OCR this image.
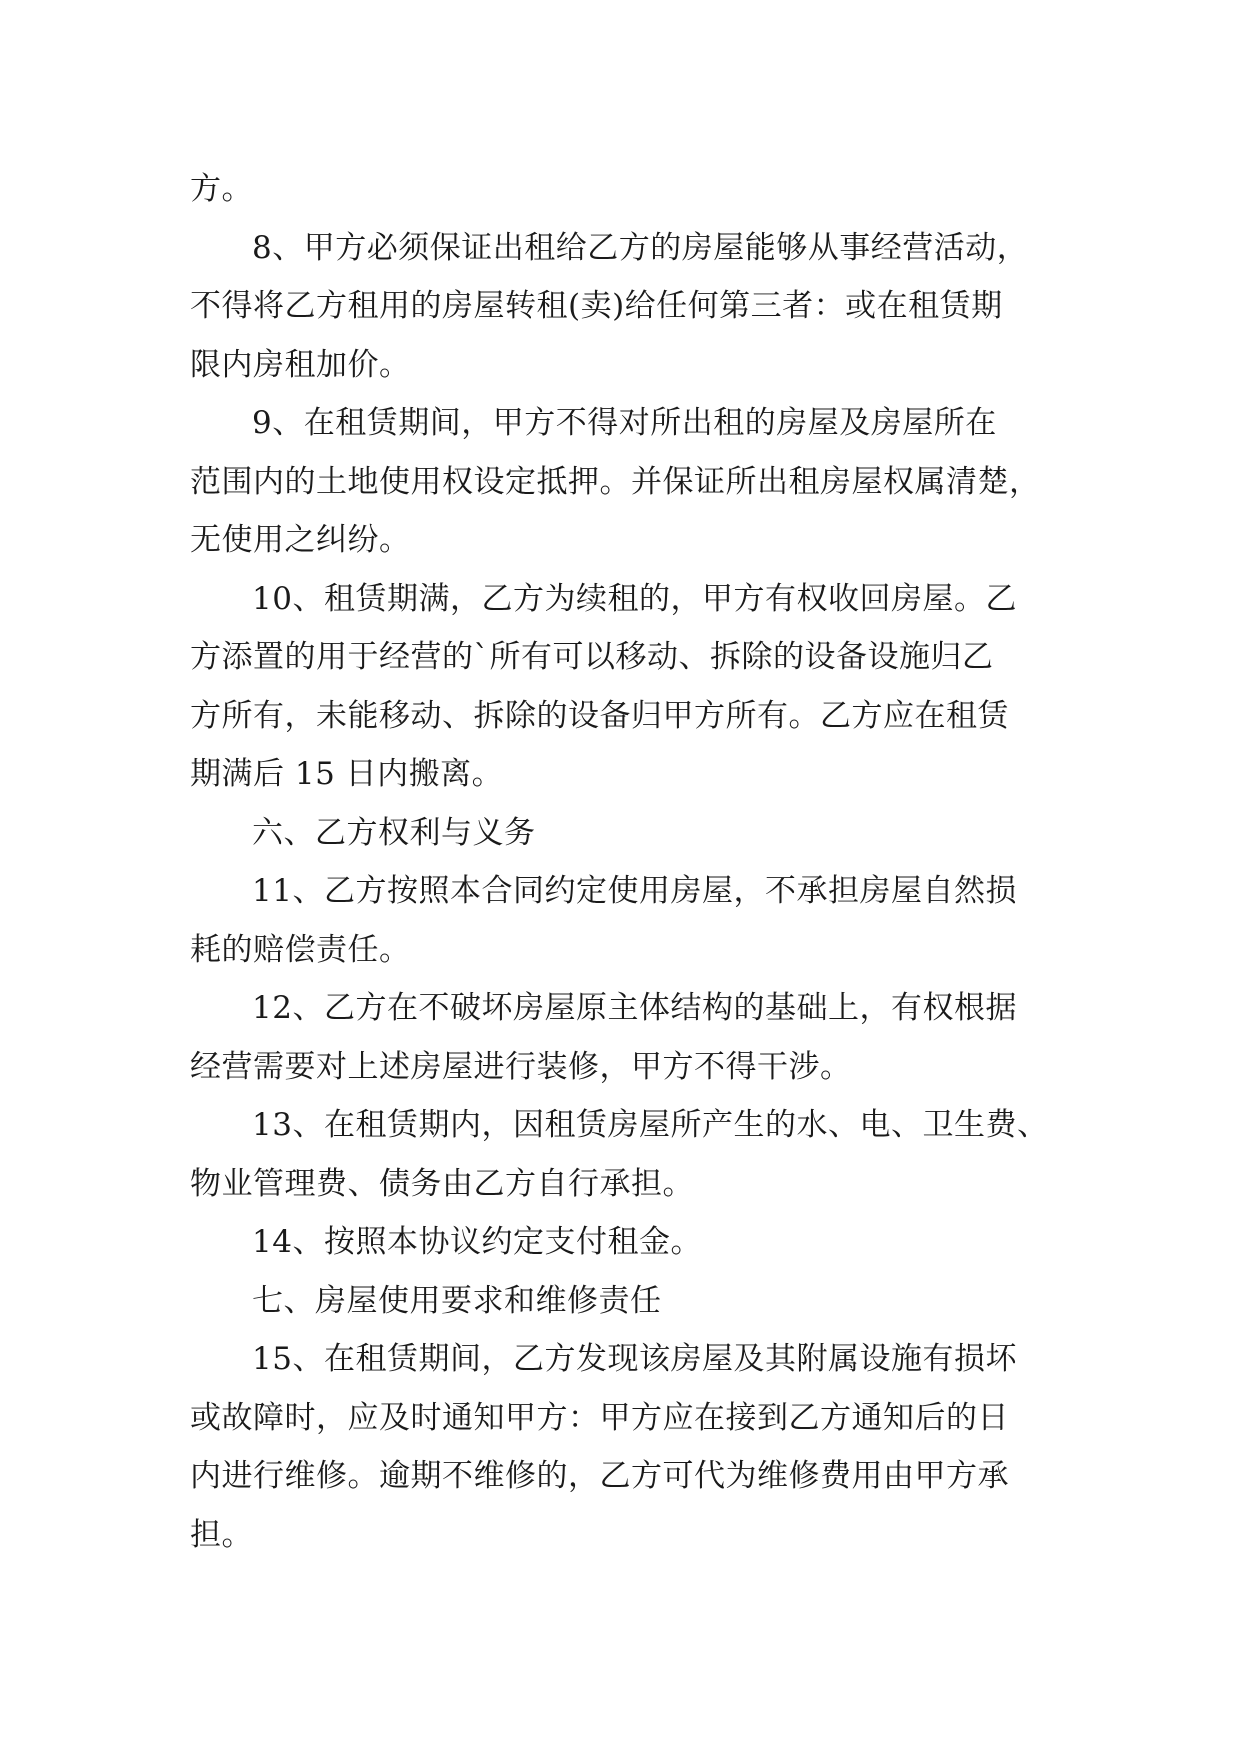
方。
8、甲方必须保证出租给乙方的房屋能够从事经营活动，
不得将乙方租用的房屋转租(卖)给任何第三者：或在租赁期
限内房租加价。
9、在租赁期间，甲方不得对所出租的房屋及房屋所在
范围内的土地使用权设定抵押。并保证所出租房屋权属清楚，
无使用之纠纷。
10、租赁期满，乙方为续租的，甲方有权收回房屋。乙
方添置的用于经营的`所有可以移动、拆除的设备设施归乙
方所有，未能移动、拆除的设备归甲方所有。乙方应在租赁
期满后 15 日内搬离。
六、乙方权利与义务
11、乙方按照本合同约定使用房屋，不承担房屋自然损
耗的赔偿责任。
12、乙方在不破坏房屋原主体结构的基础上，有权根据
经营需要对上述房屋进行装修，甲方不得干涉。
13、在租赁期内，因租赁房屋所产生的水、电、卫生费、
物业管理费、债务由乙方自行承担。
14、按照本协议约定支付租金。
七、房屋使用要求和维修责任
15、在租赁期间，乙方发现该房屋及其附属设施有损坏
或故障时，应及时通知甲方：甲方应在接到乙方通知后的日
内进行维修。逾期不维修的，乙方可代为维修费用由甲方承
担。
